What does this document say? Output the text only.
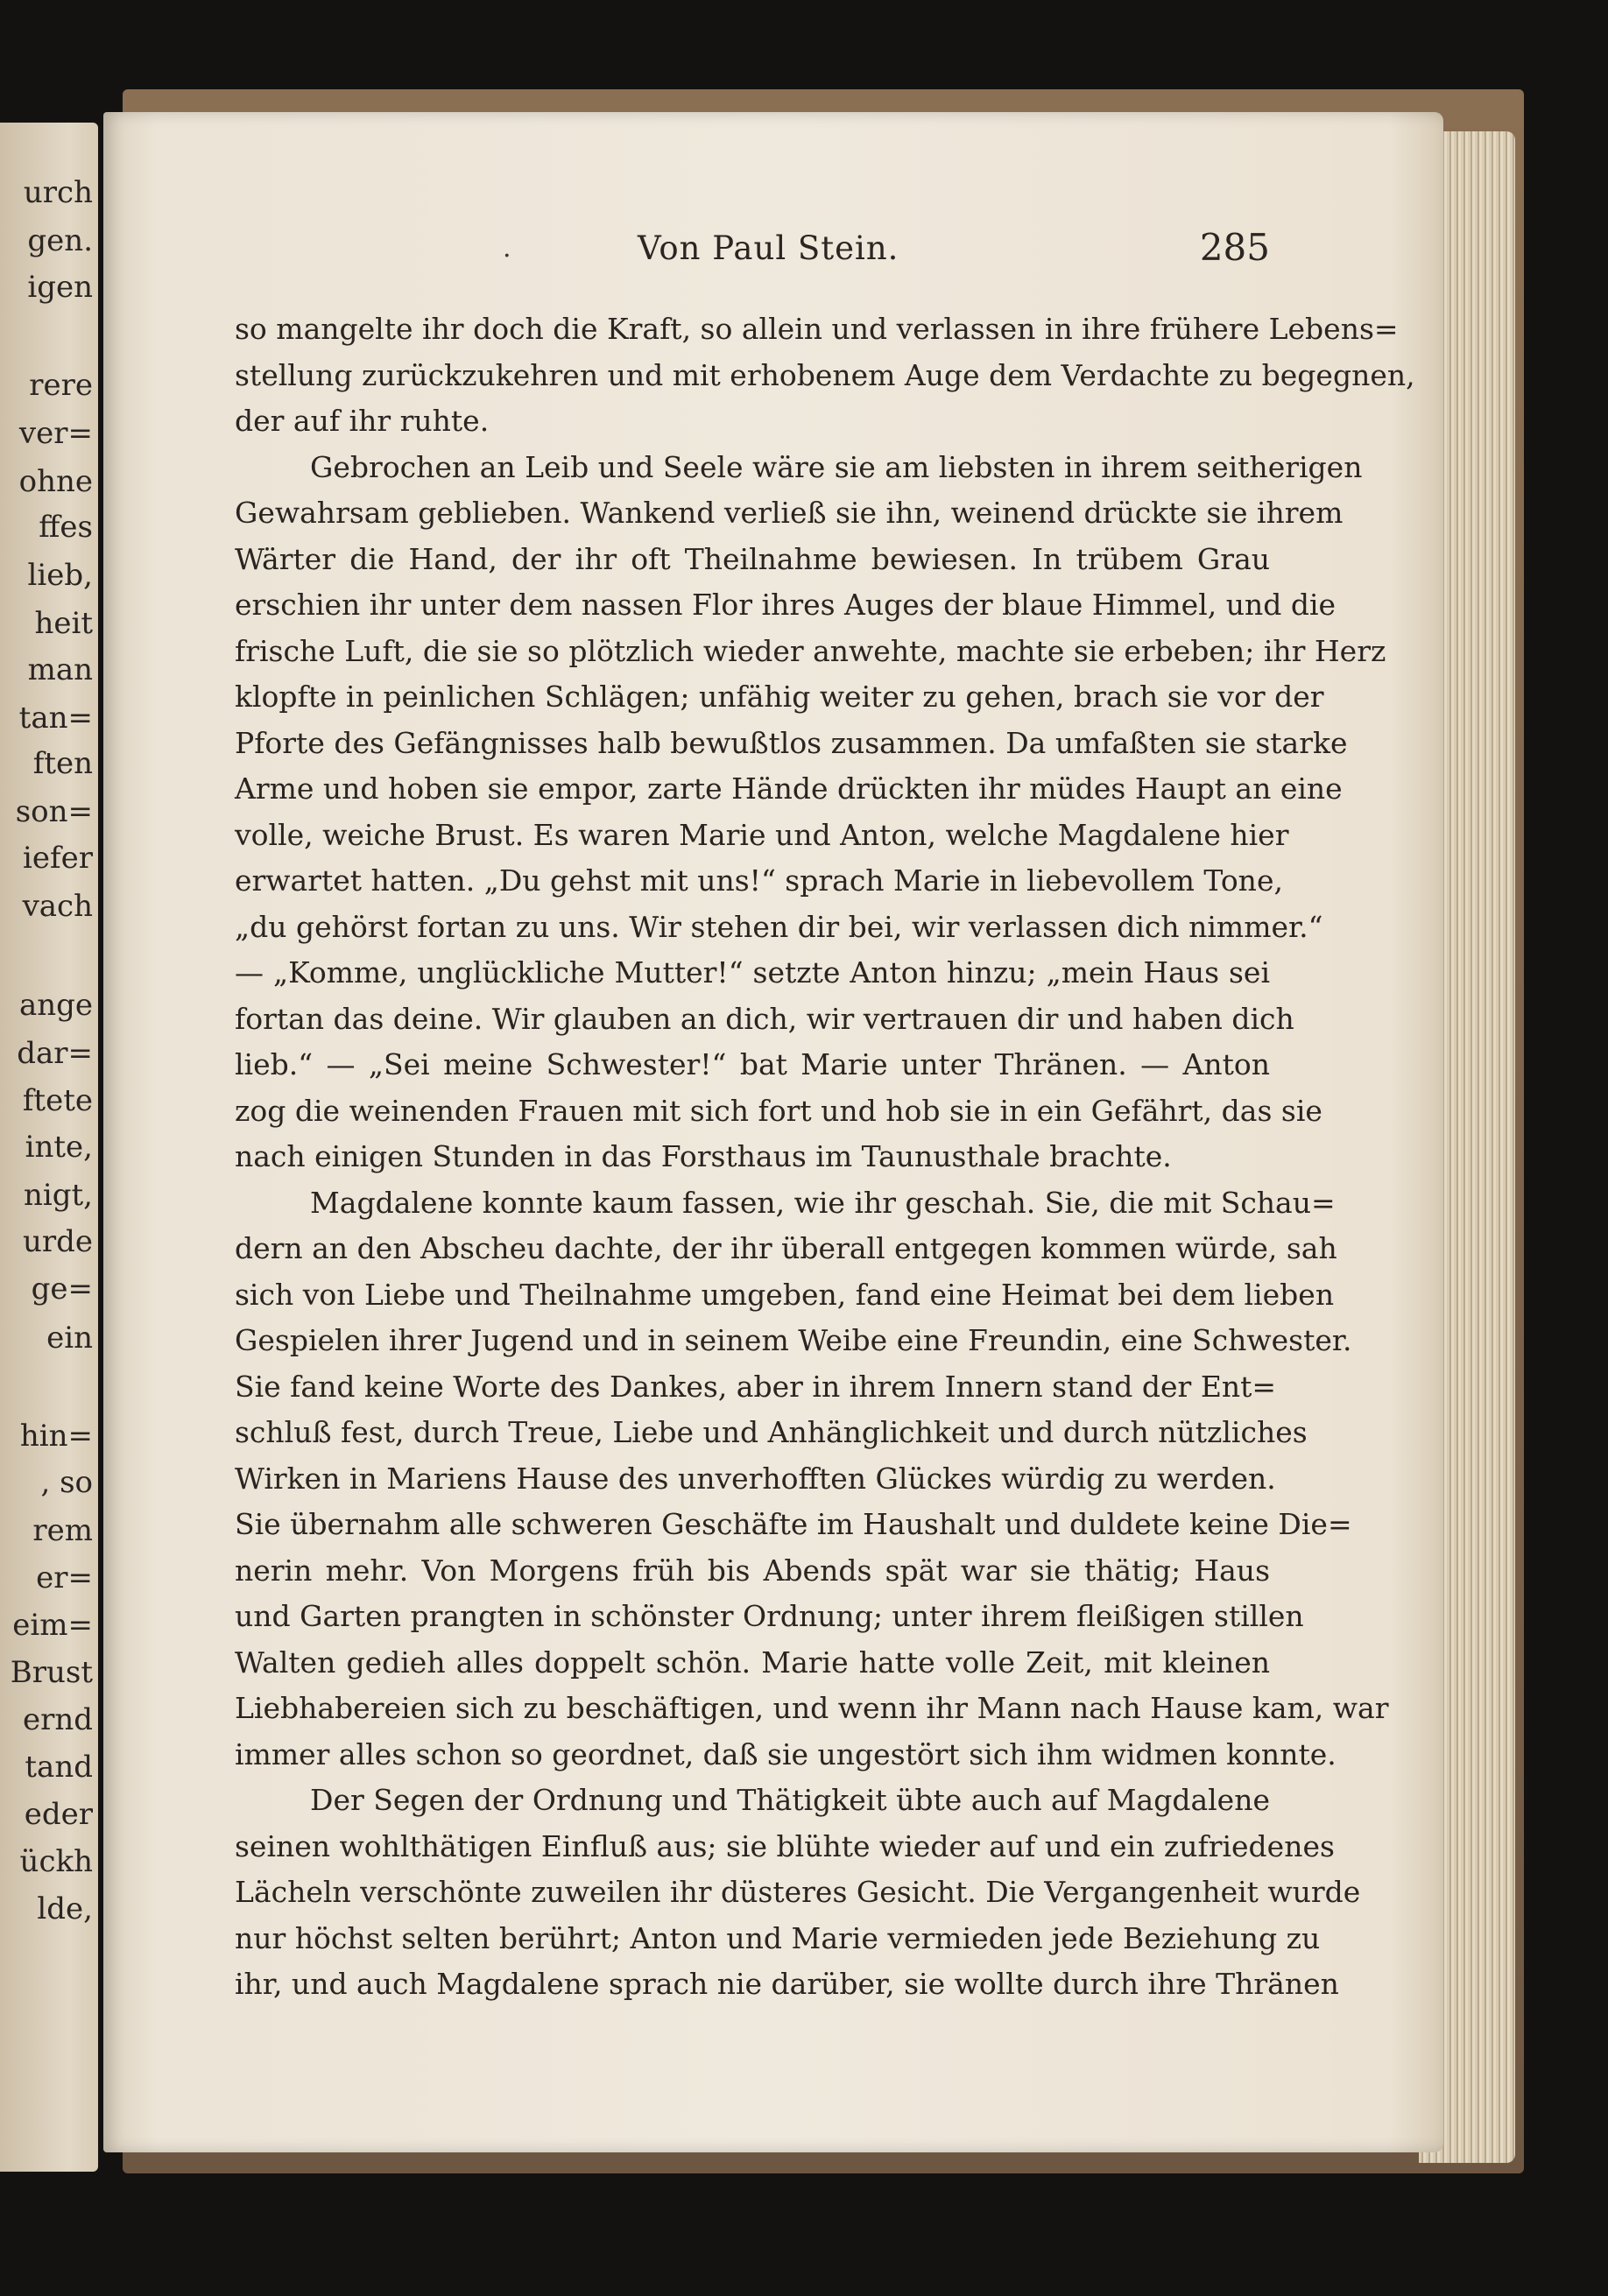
urch
gen.
igen
rere
ver=
ohne
ffes
lieb,
heit
man
tan=
ften
son=
iefer
vach
ange
dar=
ftete
inte,
nigt,
urde
ge=
ein
hin=
, so
rem
er=
eim=
Brust
ernd
tand
eder
ückh
lde,
.	Von Paul Stein.	285
so mangelte ihr doch die Kraft, so allein und verlassen in ihre frühere Lebens=
stellung zurückzukehren und mit erhobenem Auge dem Verdachte zu begegnen,
der auf ihr ruhte.
Gebrochen an Leib und Seele wäre sie am liebsten in ihrem seitherigen
Gewahrsam geblieben. Wankend verließ sie ihn, weinend drückte sie ihrem
Wärter die Hand, der ihr oft Theilnahme bewiesen. In trübem Grau
erschien ihr unter dem nassen Flor ihres Auges der blaue Himmel, und die
frische Luft, die sie so plötzlich wieder anwehte, machte sie erbeben; ihr Herz
klopfte in peinlichen Schlägen; unfähig weiter zu gehen, brach sie vor der
Pforte des Gefängnisses halb bewußtlos zusammen. Da umfaßten sie starke
Arme und hoben sie empor, zarte Hände drückten ihr müdes Haupt an eine
volle, weiche Brust. Es waren Marie und Anton, welche Magdalene hier
erwartet hatten. „Du gehst mit uns!“ sprach Marie in liebevollem Tone,
„du gehörst fortan zu uns. Wir stehen dir bei, wir verlassen dich nimmer.“
— „Komme, unglückliche Mutter!“ setzte Anton hinzu; „mein Haus sei
fortan das deine. Wir glauben an dich, wir vertrauen dir und haben dich
lieb.“ — „Sei meine Schwester!“ bat Marie unter Thränen. — Anton
zog die weinenden Frauen mit sich fort und hob sie in ein Gefährt, das sie
nach einigen Stunden in das Forsthaus im Taunusthale brachte.
Magdalene konnte kaum fassen, wie ihr geschah. Sie, die mit Schau=
dern an den Abscheu dachte, der ihr überall entgegen kommen würde, sah
sich von Liebe und Theilnahme umgeben, fand eine Heimat bei dem lieben
Gespielen ihrer Jugend und in seinem Weibe eine Freundin, eine Schwester.
Sie fand keine Worte des Dankes, aber in ihrem Innern stand der Ent=
schluß fest, durch Treue, Liebe und Anhänglichkeit und durch nützliches
Wirken in Mariens Hause des unverhofften Glückes würdig zu werden.
Sie übernahm alle schweren Geschäfte im Haushalt und duldete keine Die=
nerin mehr. Von Morgens früh bis Abends spät war sie thätig; Haus
und Garten prangten in schönster Ordnung; unter ihrem fleißigen stillen
Walten gedieh alles doppelt schön. Marie hatte volle Zeit, mit kleinen
Liebhabereien sich zu beschäftigen, und wenn ihr Mann nach Hause kam, war
immer alles schon so geordnet, daß sie ungestört sich ihm widmen konnte.
Der Segen der Ordnung und Thätigkeit übte auch auf Magdalene
seinen wohlthätigen Einfluß aus; sie blühte wieder auf und ein zufriedenes
Lächeln verschönte zuweilen ihr düsteres Gesicht. Die Vergangenheit wurde
nur höchst selten berührt; Anton und Marie vermieden jede Beziehung zu
ihr, und auch Magdalene sprach nie darüber, sie wollte durch ihre Thränen
